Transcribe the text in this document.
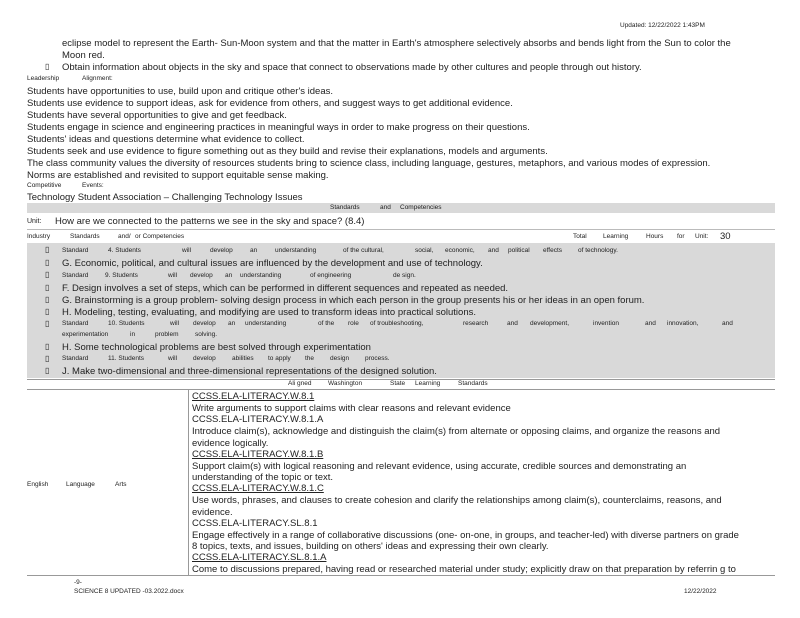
Updated: 12/22/2022 1:43PM
eclipse model to represent the Earth- Sun-Moon system and that the matter in Earth's atmosphere selectively absorbs and bends light from the Sun to color the
Moon red.
▯ Obtain information about objects in the sky and space that connect to observations made by other cultures and people through out history.
Leadership	Alignment:
Students have opportunities to use, build upon and critique other's ideas.
Students use evidence to support ideas, ask for evidence from others, and suggest ways to get additional evidence.
Students have several opportunities to give and get feedback.
Students engage in science and engineering practices in meaningful ways in order to make progress on their questions.
Students' ideas and questions determine what evidence to collect.
Students seek and use evidence to figure something out as they build and revise their explanations, models and arguments.
The class community values the diversity of resources students bring to science class, including language, gestures, metaphors, and various modes of expression.
Norms are established and revisited to support equitable sense making.
Competitive	Events:
Technology Student Association – Challenging Technology Issues
Standards	and Competencies
Unit: How are we connected to the patterns we see in the sky and space? (8.4)
Industry	Standards	and/ or Competencies	Total	Learning	Hours for Unit: 30
▯ Standard	4. Students	will	develop	an	understanding	of the cultural,	social, economic, and political effects of technology.
▯ G. Economic, political, and cultural issues are influenced by the development and use of technology.
▯ Standard	9. Students	will develop an understanding	of engineering	de sign.
▯ F. Design involves a set of steps, which can be performed in different sequences and repeated as needed.
▯ G. Brainstorming is a group problem- solving design process in which each person in the group presents his or her ideas in an open forum.
▯ H. Modeling, testing, evaluating, and modifying are used to transform ideas into practical solutions.
▯ Standard	10. Students	will develop an understanding	of the role of troubleshooting,	research	and development,	invention	and innovation,	and
experimentation	in	problem	solving.
▯ H. Some technological problems are best solved through experimentation
▯ Standard	11. Students	will develop abilities to apply the design process.
▯ J. Make two-dimensional and three-dimensional representations of the designed solution.
Ali gned	Washington	State Learning	Standards
English	Language	Arts
CCSS.ELA-LITERACY.W.8.1
Write arguments to support claims with clear reasons and relevant evidence
CCSS.ELA-LITERACY.W.8.1.A
Introduce claim(s), acknowledge and distinguish the claim(s) from alternate or opposing claims, and organize the reasons and
evidence logically.
CCSS.ELA-LITERACY.W.8.1.B
Support claim(s) with logical reasoning and relevant evidence, using accurate, credible sources and demonstrating an
understanding of the topic or text.
CCSS.ELA-LITERACY.W.8.1.C
Use words, phrases, and clauses to create cohesion and clarify the relationships among claim(s), counterclaims, reasons, and
evidence.
CCSS.ELA-LITERACY.SL.8.1
Engage effectively in a range of collaborative discussions (one- on-one, in groups, and teacher-led) with diverse partners on grade
8 topics, texts, and issues, building on others' ideas and expressing their own clearly.
CCSS.ELA-LITERACY.SL.8.1.A
Come to discussions prepared, having read or researched material under study; explicitly draw on that preparation by referrin g to
-9-
SCIENCE 8 UPDATED -03.2022.docx	12/22/2022
